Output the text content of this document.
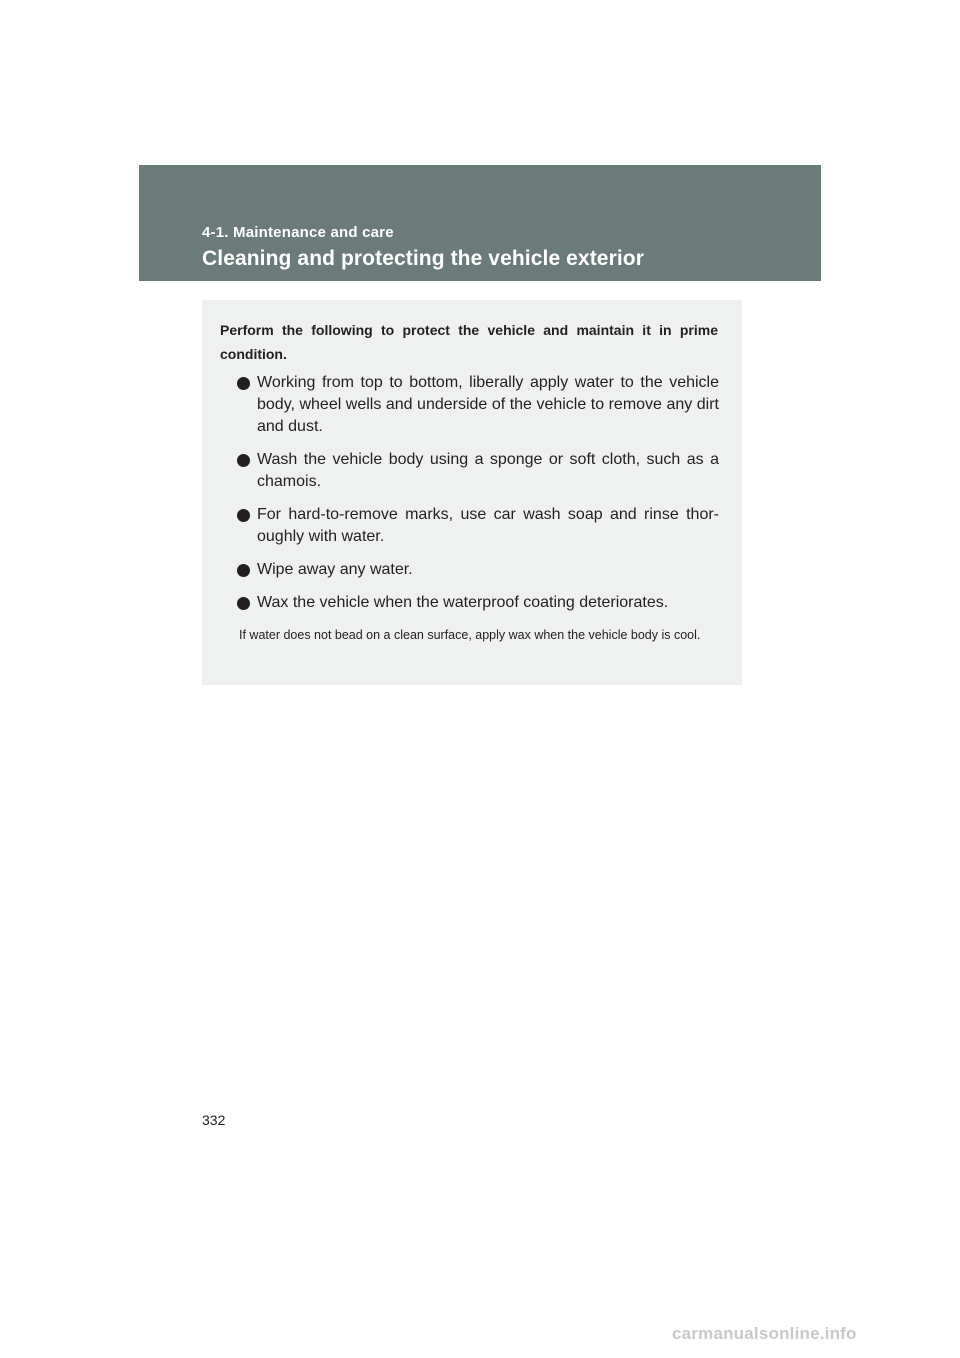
4-1. Maintenance and care
Cleaning and protecting the vehicle exterior
Perform the following to protect the vehicle and maintain it in prime condition.
Working from top to bottom, liberally apply water to the vehicle body, wheel wells and underside of the vehicle to remove any dirt and dust.
Wash the vehicle body using a sponge or soft cloth, such as a chamois.
For hard-to-remove marks, use car wash soap and rinse thor-oughly with water.
Wipe away any water.
Wax the vehicle when the waterproof coating deteriorates.
If water does not bead on a clean surface, apply wax when the vehicle body is cool.
332
carmanualsonline.info
